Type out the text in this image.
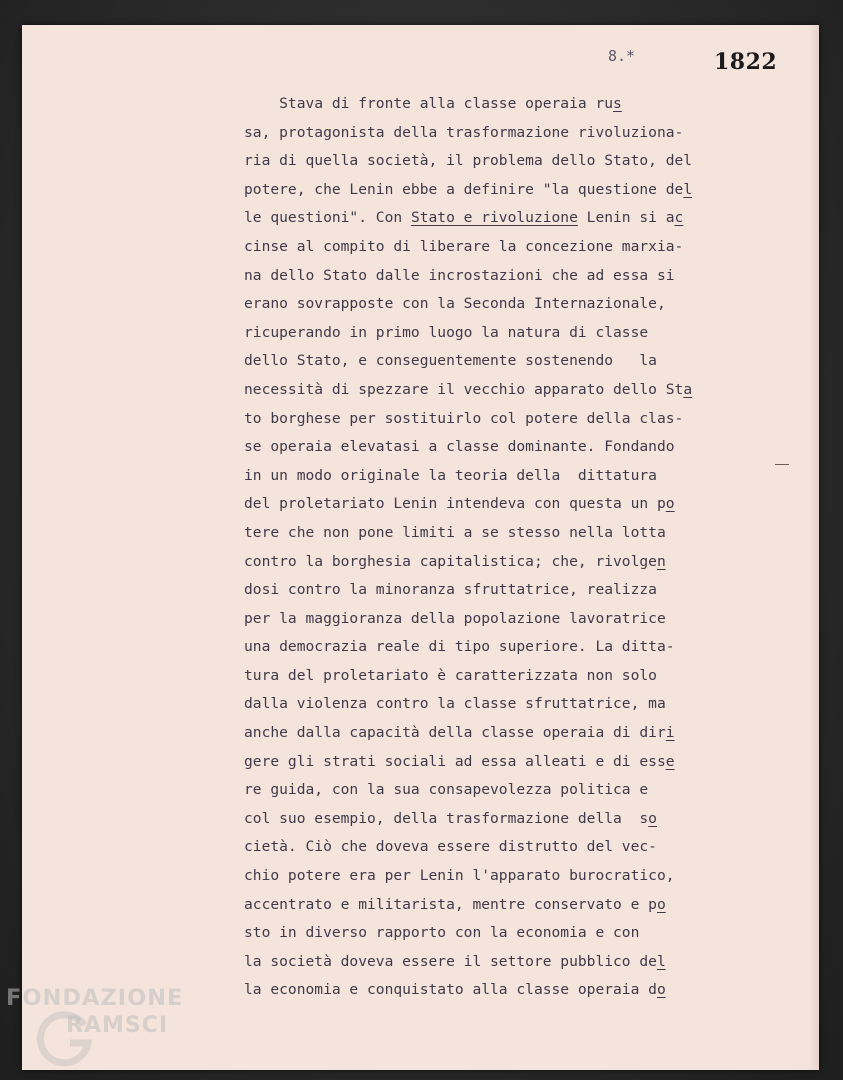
8.*	1822
Stava di fronte alla classe operaia rus
sa, protagonista della trasformazione rivoluziona-
ria di quella società, il problema dello Stato, del
potere, che Lenin ebbe a definire "la questione del
le questioni". Con Stato e rivoluzione Lenin si ac
cinse al compito di liberare la concezione marxia-
na dello Stato dalle incrostazioni che ad essa si
erano sovrapposte con la Seconda Internazionale,
ricuperando in primo luogo la natura di classe
dello Stato, e conseguentemente sostenendo   la
necessità di spezzare il vecchio apparato dello Sta
to borghese per sostituirlo col potere della clas-
se operaia elevatasi a classe dominante. Fondando
in un modo originale la teoria della  dittatura
del proletariato Lenin intendeva con questa un po
tere che non pone limiti a se stesso nella lotta
contro la borghesia capitalistica; che, rivolgen
dosi contro la minoranza sfruttatrice, realizza
per la maggioranza della popolazione lavoratrice
una democrazia reale di tipo superiore. La ditta-
tura del proletariato è caratterizzata non solo
dalla violenza contro la classe sfruttatrice, ma
anche dalla capacità della classe operaia di diri
gere gli strati sociali ad essa alleati e di esse
re guida, con la sua consapevolezza politica e
col suo esempio, della trasformazione della  so
cietà. Ciò che doveva essere distrutto del vec-
chio potere era per Lenin l'apparato burocratico,
accentrato e militarista, mentre conservato e po
sto in diverso rapporto con la economia e con
la società doveva essere il settore pubblico del
la economia e conquistato alla classe operaia do
FONDAZIONE
RAMSCI
